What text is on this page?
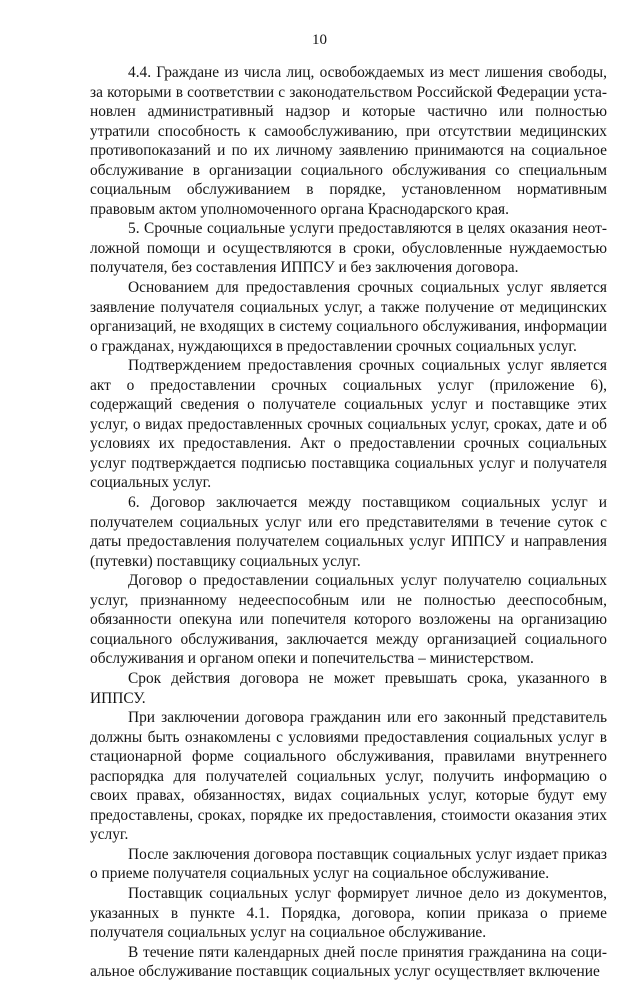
10

4.4. Граждане из числа лиц, освобождаемых из мест лишения свободы, за которыми в соответствии с законодательством Российской Федерации установлен административный надзор и которые частично или полностью утратили способность к самообслуживанию, при отсутствии медицинских противопоказаний и по их личному заявлению принимаются на социальное обслуживание в организации социального обслуживания со специальным социальным обслуживанием в порядке, установленном нормативным правовым актом уполномоченного органа Краснодарского края.

5. Срочные социальные услуги предоставляются в целях оказания неотложной помощи и осуществляются в сроки, обусловленные нуждаемостью получателя, без составления ИППСУ и без заключения договора.

Основанием для предоставления срочных социальных услуг является заявление получателя социальных услуг, а также получение от медицинских организаций, не входящих в систему социального обслуживания, информации о гражданах, нуждающихся в предоставлении срочных социальных услуг.

Подтверждением предоставления срочных социальных услуг является акт о предоставлении срочных социальных услуг (приложение 6), содержащий сведения о получателе социальных услуг и поставщике этих услуг, о видах предоставленных срочных социальных услуг, сроках, дате и об условиях их предоставления. Акт о предоставлении срочных социальных услуг подтверждается подписью поставщика социальных услуг и получателя социальных услуг.

6. Договор заключается между поставщиком социальных услуг и получателем социальных услуг или его представителями в течение суток с даты предоставления получателем социальных услуг ИППСУ и направления (путевки) поставщику социальных услуг.

Договор о предоставлении социальных услуг получателю социальных услуг, признанному недееспособным или не полностью дееспособным, обязанности опекуна или попечителя которого возложены на организацию социального обслуживания, заключается между организацией социального обслуживания и органом опеки и попечительства – министерством.

Срок действия договора не может превышать срока, указанного в ИППСУ.

При заключении договора гражданин или его законный представитель должны быть ознакомлены с условиями предоставления социальных услуг в стационарной форме социального обслуживания, правилами внутреннего распорядка для получателей социальных услуг, получить информацию о своих правах, обязанностях, видах социальных услуг, которые будут ему предоставлены, сроках, порядке их предоставления, стоимости оказания этих услуг.

После заключения договора поставщик социальных услуг издает приказ о приеме получателя социальных услуг на социальное обслуживание.

Поставщик социальных услуг формирует личное дело из документов, указанных в пункте 4.1. Порядка, договора, копии приказа о приеме получателя социальных услуг на социальное обслуживание.

В течение пяти календарных дней после принятия гражданина на социальное обслуживание поставщик социальных услуг осуществляет включение
